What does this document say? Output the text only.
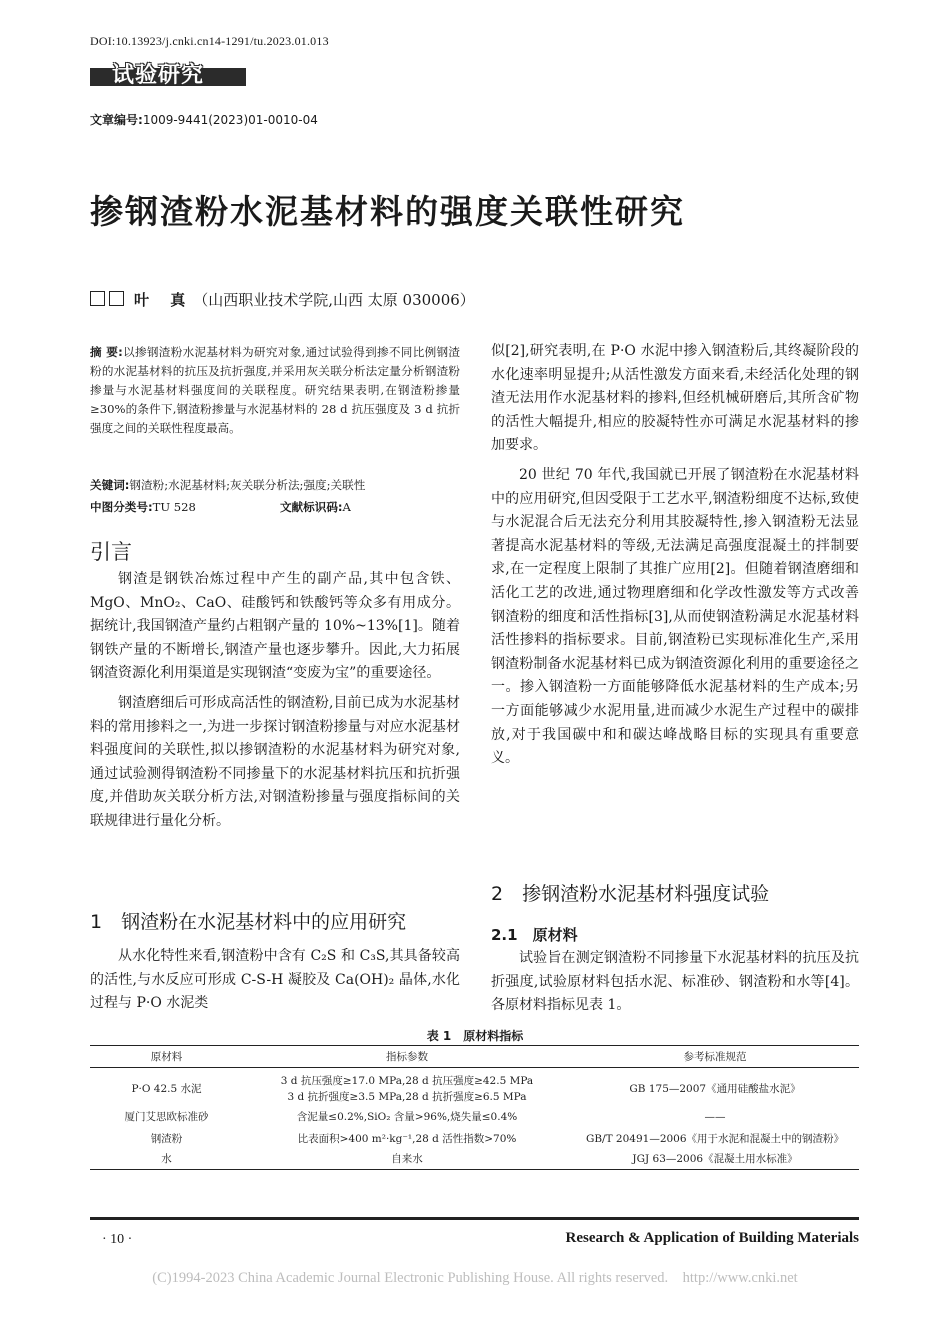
DOI:10.13923/j.cnki.cn14-1291/tu.2023.01.013
试验研究
文章编号:1009-9441(2023)01-0010-04
掺钢渣粉水泥基材料的强度关联性研究
叶 真（山西职业技术学院,山西 太原 030006）
摘 要:以掺钢渣粉水泥基材料为研究对象,通过试验得到掺不同比例钢渣粉的水泥基材料的抗压及抗折强度,并采用灰关联分析法定量分析钢渣粉掺量与水泥基材料强度间的关联程度。研究结果表明,在钢渣粉掺量≥30%的条件下,钢渣粉掺量与水泥基材料的 28 d 抗压强度及 3 d 抗折强度之间的关联性程度最高。
关键词:钢渣粉;水泥基材料;灰关联分析法;强度;关联性
中图分类号:TU 528	文献标识码:A
引言

钢渣是钢铁冶炼过程中产生的副产品,其中包含铁、MgO、MnO₂、CaO、硅酸钙和铁酸钙等众多有用成分。据统计,我国钢渣产量约占粗钢产量的 10%~13%[1]。随着钢铁产量的不断增长,钢渣产量也逐步攀升。因此,大力拓展钢渣资源化利用渠道是实现钢渣“变废为宝”的重要途径。

钢渣磨细后可形成高活性的钢渣粉,目前已成为水泥基材料的常用掺料之一,为进一步探讨钢渣粉掺量与对应水泥基材料强度间的关联性,拟以掺钢渣粉的水泥基材料为研究对象,通过试验测得钢渣粉不同掺量下的水泥基材料抗压和抗折强度,并借助灰关联分析方法,对钢渣粉掺量与强度指标间的关联规律进行量化分析。

1　钢渣粉在水泥基材料中的应用研究

从水化特性来看,钢渣粉中含有 C₂S 和 C₃S,其具备较高的活性,与水反应可形成 C-S-H 凝胶及 Ca(OH)₂ 晶体,水化过程与 P·O 水泥类

似[2],研究表明,在 P·O 水泥中掺入钢渣粉后,其终凝阶段的水化速率明显提升;从活性激发方面来看,未经活化处理的钢渣无法用作水泥基材料的掺料,但经机械研磨后,其所含矿物的活性大幅提升,相应的胶凝特性亦可满足水泥基材料的掺加要求。

20 世纪 70 年代,我国就已开展了钢渣粉在水泥基材料中的应用研究,但因受限于工艺水平,钢渣粉细度不达标,致使与水泥混合后无法充分利用其胶凝特性,掺入钢渣粉无法显著提高水泥基材料的等级,无法满足高强度混凝土的拌制要求,在一定程度上限制了其推广应用[2]。但随着钢渣磨细和活化工艺的改进,通过物理磨细和化学改性激发等方式改善钢渣粉的细度和活性指标[3],从而使钢渣粉满足水泥基材料活性掺料的指标要求。目前,钢渣粉已实现标准化生产,采用钢渣粉制备水泥基材料已成为钢渣资源化利用的重要途径之一。掺入钢渣粉一方面能够降低水泥基材料的生产成本;另一方面能够减少水泥用量,进而减少水泥生产过程中的碳排放,对于我国碳中和和碳达峰战略目标的实现具有重要意义。

2　掺钢渣粉水泥基材料强度试验
2.1　原材料

试验旨在测定钢渣粉不同掺量下水泥基材料的抗压及抗折强度,试验原材料包括水泥、标准砂、钢渣粉和水等[4]。各原材料指标见表 1。

表 1　原材料指标
原材料	指标参数	参考标准规范
P·O 42.5 水泥	3 d 抗压强度≥17.0 MPa,28 d 抗压强度≥42.5 MPa
3 d 抗折强度≥3.5 MPa,28 d 抗折强度≥6.5 MPa	GB 175—2007《通用硅酸盐水泥》
厦门艾思欧标准砂	含泥量≤0.2%,SiO₂ 含量>96%,烧失量≤0.4%	——
钢渣粉	比表面积>400 m²·kg⁻¹,28 d 活性指数>70%	GB/T 20491—2006《用于水泥和混凝土中的钢渣粉》
水	自来水	JGJ 63—2006《混凝土用水标准》
· 10 ·	Research & Application of Building Materials
(C)1994-2023 China Academic Journal Electronic Publishing House. All rights reserved.    http://www.cnki.net
